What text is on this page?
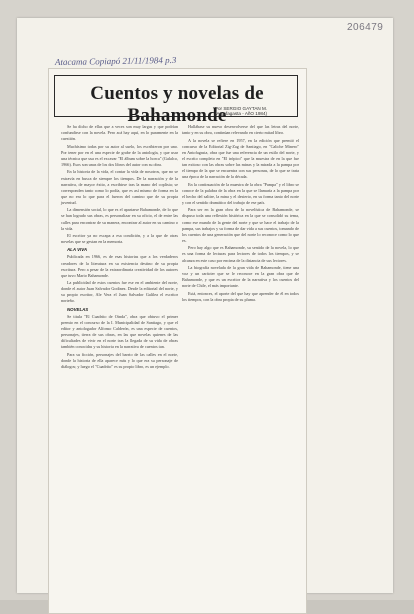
206479
Atacama Copiapó 21/11/1984 p.3
Cuentos y novelas de Bahamonde
Por SERGIO GAYTAN M.
(Antofagasta - AñO 1984)

Se ha dicho de ellas que a veces son muy largas y que podrían confundirse con la novela. Pero acá hay aquí, en lo puramente en la cuestión.

Muchísimo todas por su autor al suelo, los escribieron por uno. Por tener por en el una especie de grabe de la antología, y que usar una técnica que usa es el excavar "El álbum sobre la horca" (Galalco, 1966). Esos son unas de los dos libros del autor con su obra.

En la historia de la vida, el contar la vida de nosotros, que no se extravía en busca de siempre los tiempos. De la narración y de la narrativa, de mayor éxito, a escribirse tras la mano del coplista; se corresponden tanto como lo podía, que es así mismo de forma en la que no era lo que para el fueron del camino que de su propia juventud.

La dimensión social, lo que es el apartarse Bahamonde, de lo que se han logrado sus obras, es personalizar en su oficio, el de entre las calles para encontrar de su manera, encontrar al autor en su camino o la vida.

El escritor ya no escapa a esa condición, y a la que de otras novelas que se gestan en la memoria.

ALA VIVA

Publicada en 1966, es de esas historias que a los verdaderos creadores de la literatura en su existencia destino de su propia escritura. Pero a pesar de la extraordinaria creatividad de los autores que tuvo Mario Bahamonde.

La publicidad de estos cuentos fue ese en el ambiente del norte, donde el autor Juan Salvador Godinez. Desde la editorial del norte, y su propio escritor, Ale Vera el Juan Salvador Galilea el escritor norteño.

NOVELAS

Se titula "El Cuadrito de Oinda", obra que obtuvo el primer premio en el concurso de la I. Municipalidad de Santiago, y que el editor y antologador Alfonso Calderón, es una especie de cuentos, personajes, tierra de sus obras, en las que novelas quienes de las dificultades de vivir en el norte tras la llegada de su vida de obras también conocidas y su historia en la narrativa de cuentos tan.

Para su ficción, personajes del barrio de las calles en el norte, donde la historia de ella aparece más y lo que era su personaje de diálogos; y luego el "Cuadrito" es su propio libro, es un ejemplo.

Hallábase su nuevo desenvolverse del que las letras del norte, tanto y en su obra, continúan relevando en cierto mitad libro.

A la novela se refiere en 1957, en la edición que premió el concurso de la Editorial Zig-Zag de Santiago, en "Caliche Minero" en Antofagasta, obra que fue una referencia de un estilo del norte, y el escrito completo en "El trópico" que la muestra de en la que fue tan exitoso con las obras sobre las minas y la mirada a la pampa por el tiempo de la que se encuentra con sus personas, de lo que se trata una época de la narración de la década.

En la continuación de la muestra de la obra "Pampa" y el libro se conoce de la palabra de la obra en la que se llamaría a la pampa por el hecho del salitre, la mina y el desierto, en su forma tanto del norte y con el sentido dramático del trabajo de ese país.

Para ser en la gran obra de la novelística de Bahamonde, se dispuso toda una reflexión histórica en la que se consolidó su tema, como ese mundo de la gente del norte y que se hace el trabajo de la pampa, sus trabajos y su forma de dar vida a sus cuentos, tomando de los cuentos de una generación que del norte lo reconoce como lo que es.

Pero hay algo que es Bahamonde, su sentido de la novela, lo que es una forma de lecturas para lectores de todos los tiempos, y se alcanza en este caso por encima de la distancia de sus lectores.

La biografía novelada de la gran vida de Bahamonde, tiene una voz y un carácter que se le reconoce en la gran obra que de Bahamonde, y que es un escritor de la narrativa y los cuentos del norte de Chile, el más importante.

Está, entonces, el aporte del que hay que aprender de él en todos los tiempos, con la obra propia de su pluma.
